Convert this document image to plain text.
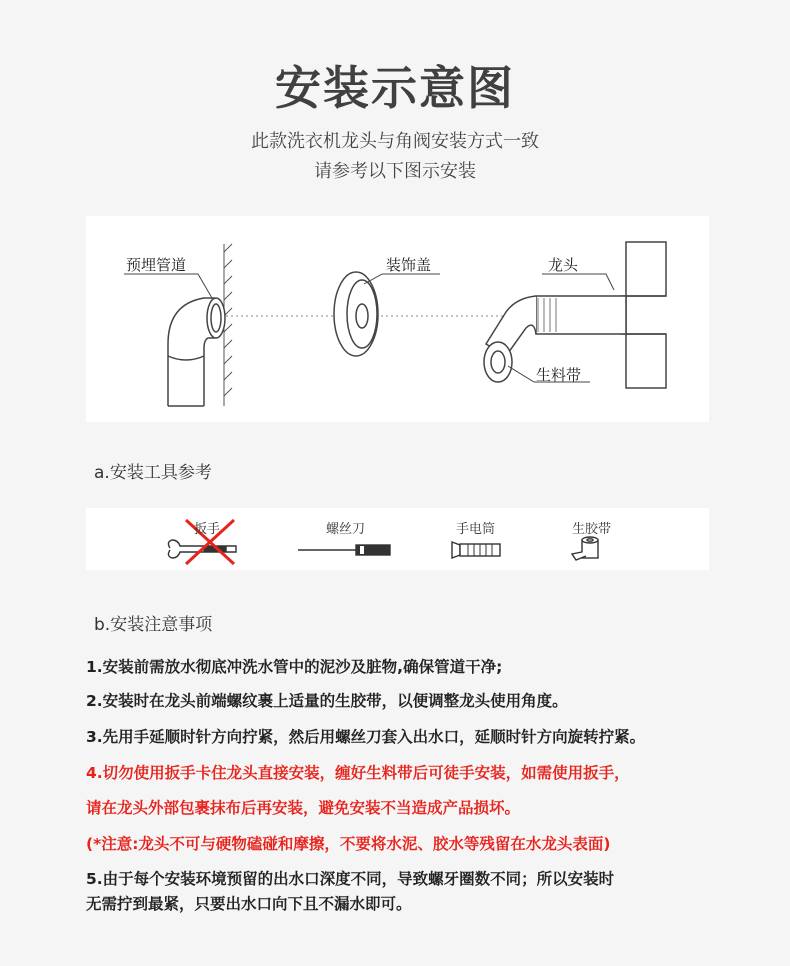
安装示意图
此款洗衣机龙头与角阀安装方式一致
请参考以下图示安装
预埋管道	装饰盖	龙头
生料带
a.安装工具参考
扳手	螺丝刀	手电筒	生胶带
b.安装注意事项
1.安装前需放水彻底冲洗水管中的泥沙及脏物,确保管道干净;
2.安装时在龙头前端螺纹裹上适量的生胶带，以便调整龙头使用角度。
3.先用手延顺时针方向拧紧，然后用螺丝刀套入出水口，延顺时针方向旋转拧紧。
4.切勿使用扳手卡住龙头直接安装，缠好生料带后可徒手安装，如需使用扳手，
请在龙头外部包裹抹布后再安装，避免安装不当造成产品损坏。
(*注意:龙头不可与硬物磕碰和摩擦，不要将水泥、胶水等残留在水龙头表面)
5.由于每个安装环境预留的出水口深度不同，导致螺牙圈数不同；所以安装时
无需拧到最紧，只要出水口向下且不漏水即可。
